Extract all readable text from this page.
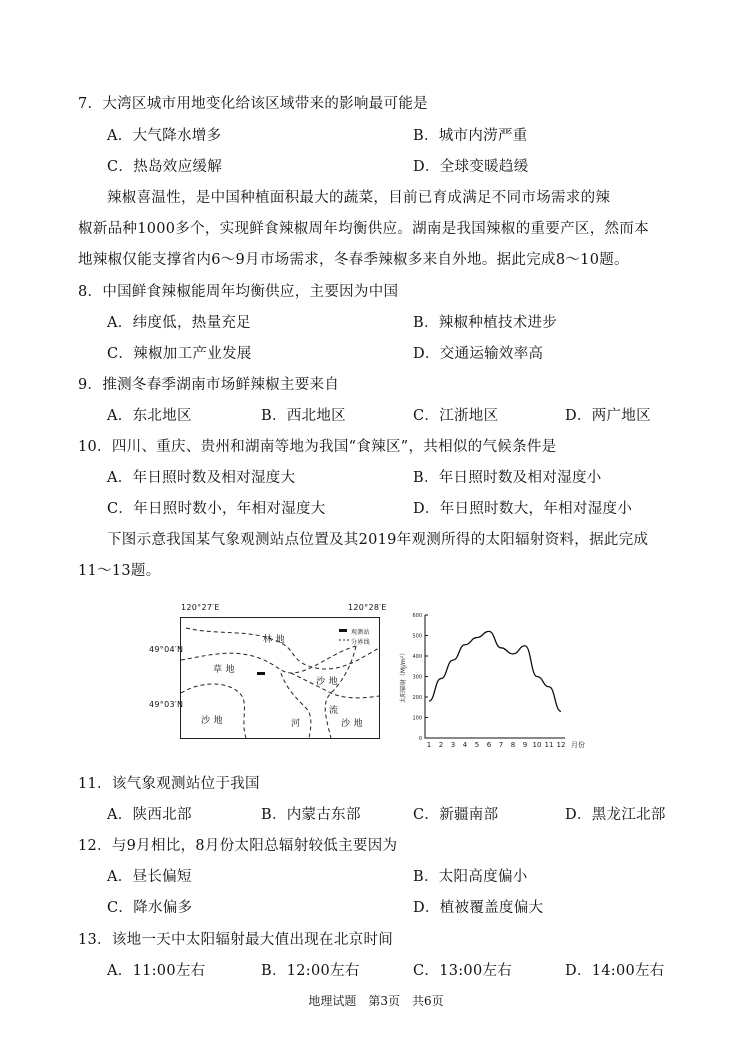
7．大湾区城市用地变化给该区域带来的影响最可能是
A．大气降水增多	B．城市内涝严重
C．热岛效应缓解	D．全球变暖趋缓
辣椒喜温性，是中国种植面积最大的蔬菜，目前已育成满足不同市场需求的辣
椒新品种1000多个，实现鲜食辣椒周年均衡供应。湖南是我国辣椒的重要产区，然而本
地辣椒仅能支撑省内6～9月市场需求，冬春季辣椒多来自外地。据此完成8～10题。
8．中国鲜食辣椒能周年均衡供应，主要因为中国
A．纬度低，热量充足	B．辣椒种植技术进步
C．辣椒加工产业发展	D．交通运输效率高
9．推测冬春季湖南市场鲜辣椒主要来自
A．东北地区	B．西北地区	C．江浙地区	D．两广地区
10．四川、重庆、贵州和湖南等地为我国“食辣区”，共相似的气候条件是
A．年日照时数及相对湿度大	B．年日照时数及相对湿度小
C．年日照时数小，年相对湿度大	D．年日照时数大，年相对湿度小
下图示意我国某气象观测站点位置及其2019年观测所得的太阳辐射资料，据此完成
11～13题。
120°27′E	120°28′E
49°04′N
49°03′N
观测站
分界线
林 地
草 地
沙 地
沙 地	沙 地
河
流
0
100
200
300
400
500
600
1 2 3 4 5 6 7 8 9 10 11 12
太阳辐射（MJ/m²）
月份
11．该气象观测站位于我国
A．陕西北部	B．内蒙古东部	C．新疆南部	D．黑龙江北部
12．与9月相比，8月份太阳总辐射较低主要因为
A．昼长偏短	B．太阳高度偏小
C．降水偏多	D．植被覆盖度偏大
13．该地一天中太阳辐射最大值出现在北京时间
A．11:00左右	B．12:00左右	C．13:00左右	D．14:00左右
地理试题　第3页　共6页
